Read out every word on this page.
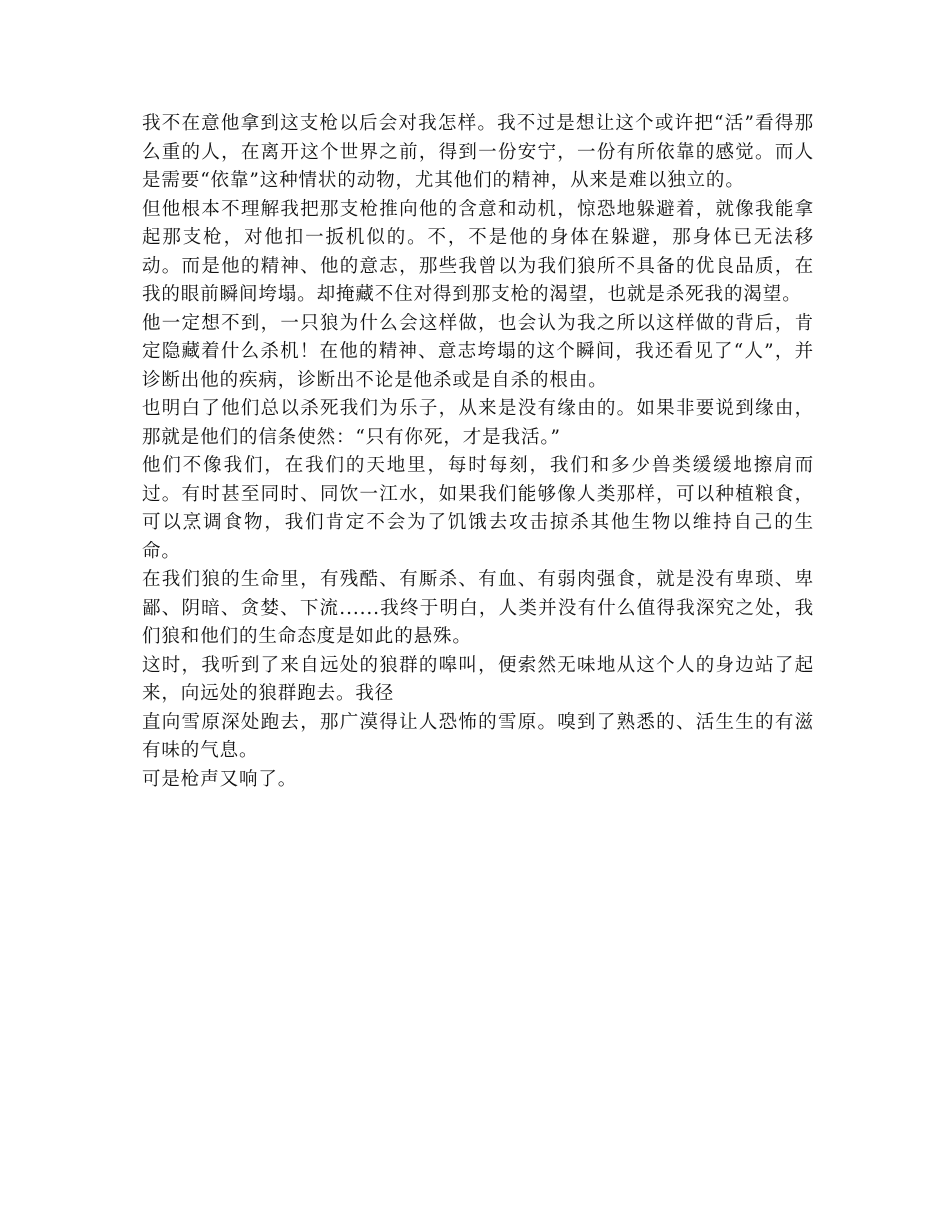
我不在意他拿到这支枪以后会对我怎样。我不过是想让这个或许把“活”看得那么重的人，在离开这个世界之前，得到一份安宁，一份有所依靠的感觉。而人是需要“依靠”这种情状的动物，尤其他们的精神，从来是难以独立的。

但他根本不理解我把那支枪推向他的含意和动机，惊恐地躲避着，就像我能拿起那支枪，对他扣一扳机似的。不，不是他的身体在躲避，那身体已无法移动。而是他的精神、他的意志，那些我曾以为我们狼所不具备的优良品质，在我的眼前瞬间垮塌。却掩藏不住对得到那支枪的渴望，也就是杀死我的渴望。

他一定想不到，一只狼为什么会这样做，也会认为我之所以这样做的背后，肯定隐藏着什么杀机！在他的精神、意志垮塌的这个瞬间，我还看见了“人”，并诊断出他的疾病，诊断出不论是他杀或是自杀的根由。

也明白了他们总以杀死我们为乐子，从来是没有缘由的。如果非要说到缘由，那就是他们的信条使然：“只有你死，才是我活。”

他们不像我们，在我们的天地里，每时每刻，我们和多少兽类缓缓地擦肩而过。有时甚至同时、同饮一江水，如果我们能够像人类那样，可以种植粮食，可以烹调食物，我们肯定不会为了饥饿去攻击掠杀其他生物以维持自己的生命。

在我们狼的生命里，有残酷、有厮杀、有血、有弱肉强食，就是没有卑琐、卑鄙、阴暗、贪婪、下流......我终于明白，人类并没有什么值得我深究之处，我们狼和他们的生命态度是如此的悬殊。

这时，我听到了来自远处的狼群的嗥叫，便索然无味地从这个人的身边站了起来，向远处的狼群跑去。我径

直向雪原深处跑去，那广漠得让人恐怖的雪原。嗅到了熟悉的、活生生的有滋有味的气息。

可是枪声又响了。
